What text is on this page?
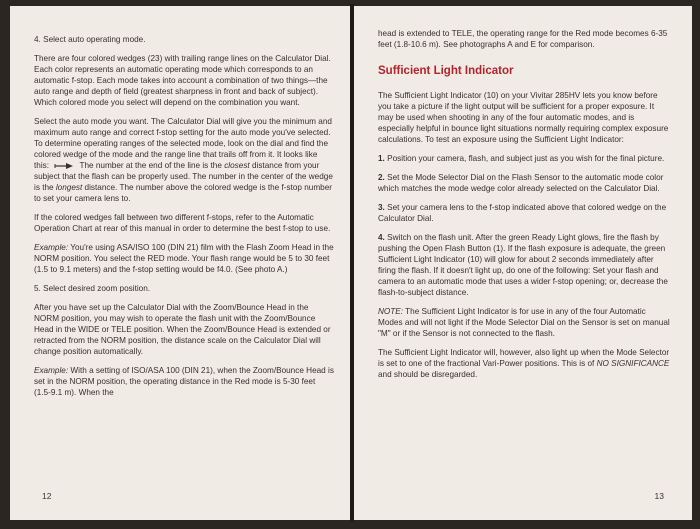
4. Select auto operating mode.

There are four colored wedges (23) with trailing range lines on the Calculator Dial. Each color represents an automatic operating mode which corresponds to an automatic f-stop. Each mode takes into account a combination of two things—the auto range and depth of field (greatest sharpness in front and back of subject). Which colored mode you select will depend on the combination you want.

Select the auto mode you want. The Calculator Dial will give you the minimum and maximum auto range and correct f-stop setting for the auto mode you've selected. To determine operating ranges of the selected mode, look on the dial and find the colored wedge of the mode and the range line that trails off from it. It looks like this:	The number at the end of the line is the closest distance from your subject that the flash can be properly used. The number in the center of the wedge is the longest distance. The number above the colored wedge is the f-stop number to set your camera lens to.

If the colored wedges fall between two different f-stops, refer to the Automatic Operation Chart at rear of this manual in order to determine the best f-stop to use.

Example: You're using ASA/ISO 100 (DIN 21) film with the Flash Zoom Head in the NORM position. You select the RED mode. Your flash range would be 5 to 30 feet (1.5 to 9.1 meters) and the f-stop setting would be f4.0. (See photo A.)

5. Select desired zoom position.

After you have set up the Calculator Dial with the Zoom/Bounce Head in the NORM position, you may wish to operate the flash unit with the Zoom/Bounce Head in the WIDE or TELE position. When the Zoom/Bounce Head is extended or retracted from the NORM position, the distance scale on the Calculator Dial will change position automatically.

Example: With a setting of ISO/ASA 100 (DIN 21), when the Zoom/Bounce Head is set in the NORM position, the operating distance in the Red mode is 5-30 feet (1.5-9.1 m). When the

12

head is extended to TELE, the operating range for the Red mode becomes 6-35 feet (1.8-10.6 m). See photographs A and E for comparison.

Sufficient Light Indicator

The Sufficient Light Indicator (10) on your Vivitar 285HV lets you know before you take a picture if the light output will be sufficient for a proper exposure. It may be used when shooting in any of the four automatic modes, and is especially helpful in bounce light situations normally requiring complex exposure calculations. To test an exposure using the Sufficient Light Indicator:

1. Position your camera, flash, and subject just as you wish for the final picture.
2. Set the Mode Selector Dial on the Flash Sensor to the automatic mode color which matches the mode wedge color already selected on the Calculator Dial.
3. Set your camera lens to the f-stop indicated above that colored wedge on the Calculator Dial.
4. Switch on the flash unit. After the green Ready Light glows, fire the flash by pushing the Open Flash Button (1). If the flash exposure is adequate, the green Sufficient Light Indicator (10) will glow for about 2 seconds immediately after firing the flash. If it doesn't light up, do one of the following: Set your flash and camera to an automatic mode that uses a wider f-stop opening; or, decrease the flash-to-subject distance.

NOTE: The Sufficient Light Indicator is for use in any of the four Automatic Modes and will not light if the Mode Selector Dial on the Sensor is set on manual "M" or if the Sensor is not connected to the flash.

The Sufficient Light Indicator will, however, also light up when the Mode Selector is set to one of the fractional Vari-Power positions. This is of NO SIGNIFICANCE and should be disregarded.

13
